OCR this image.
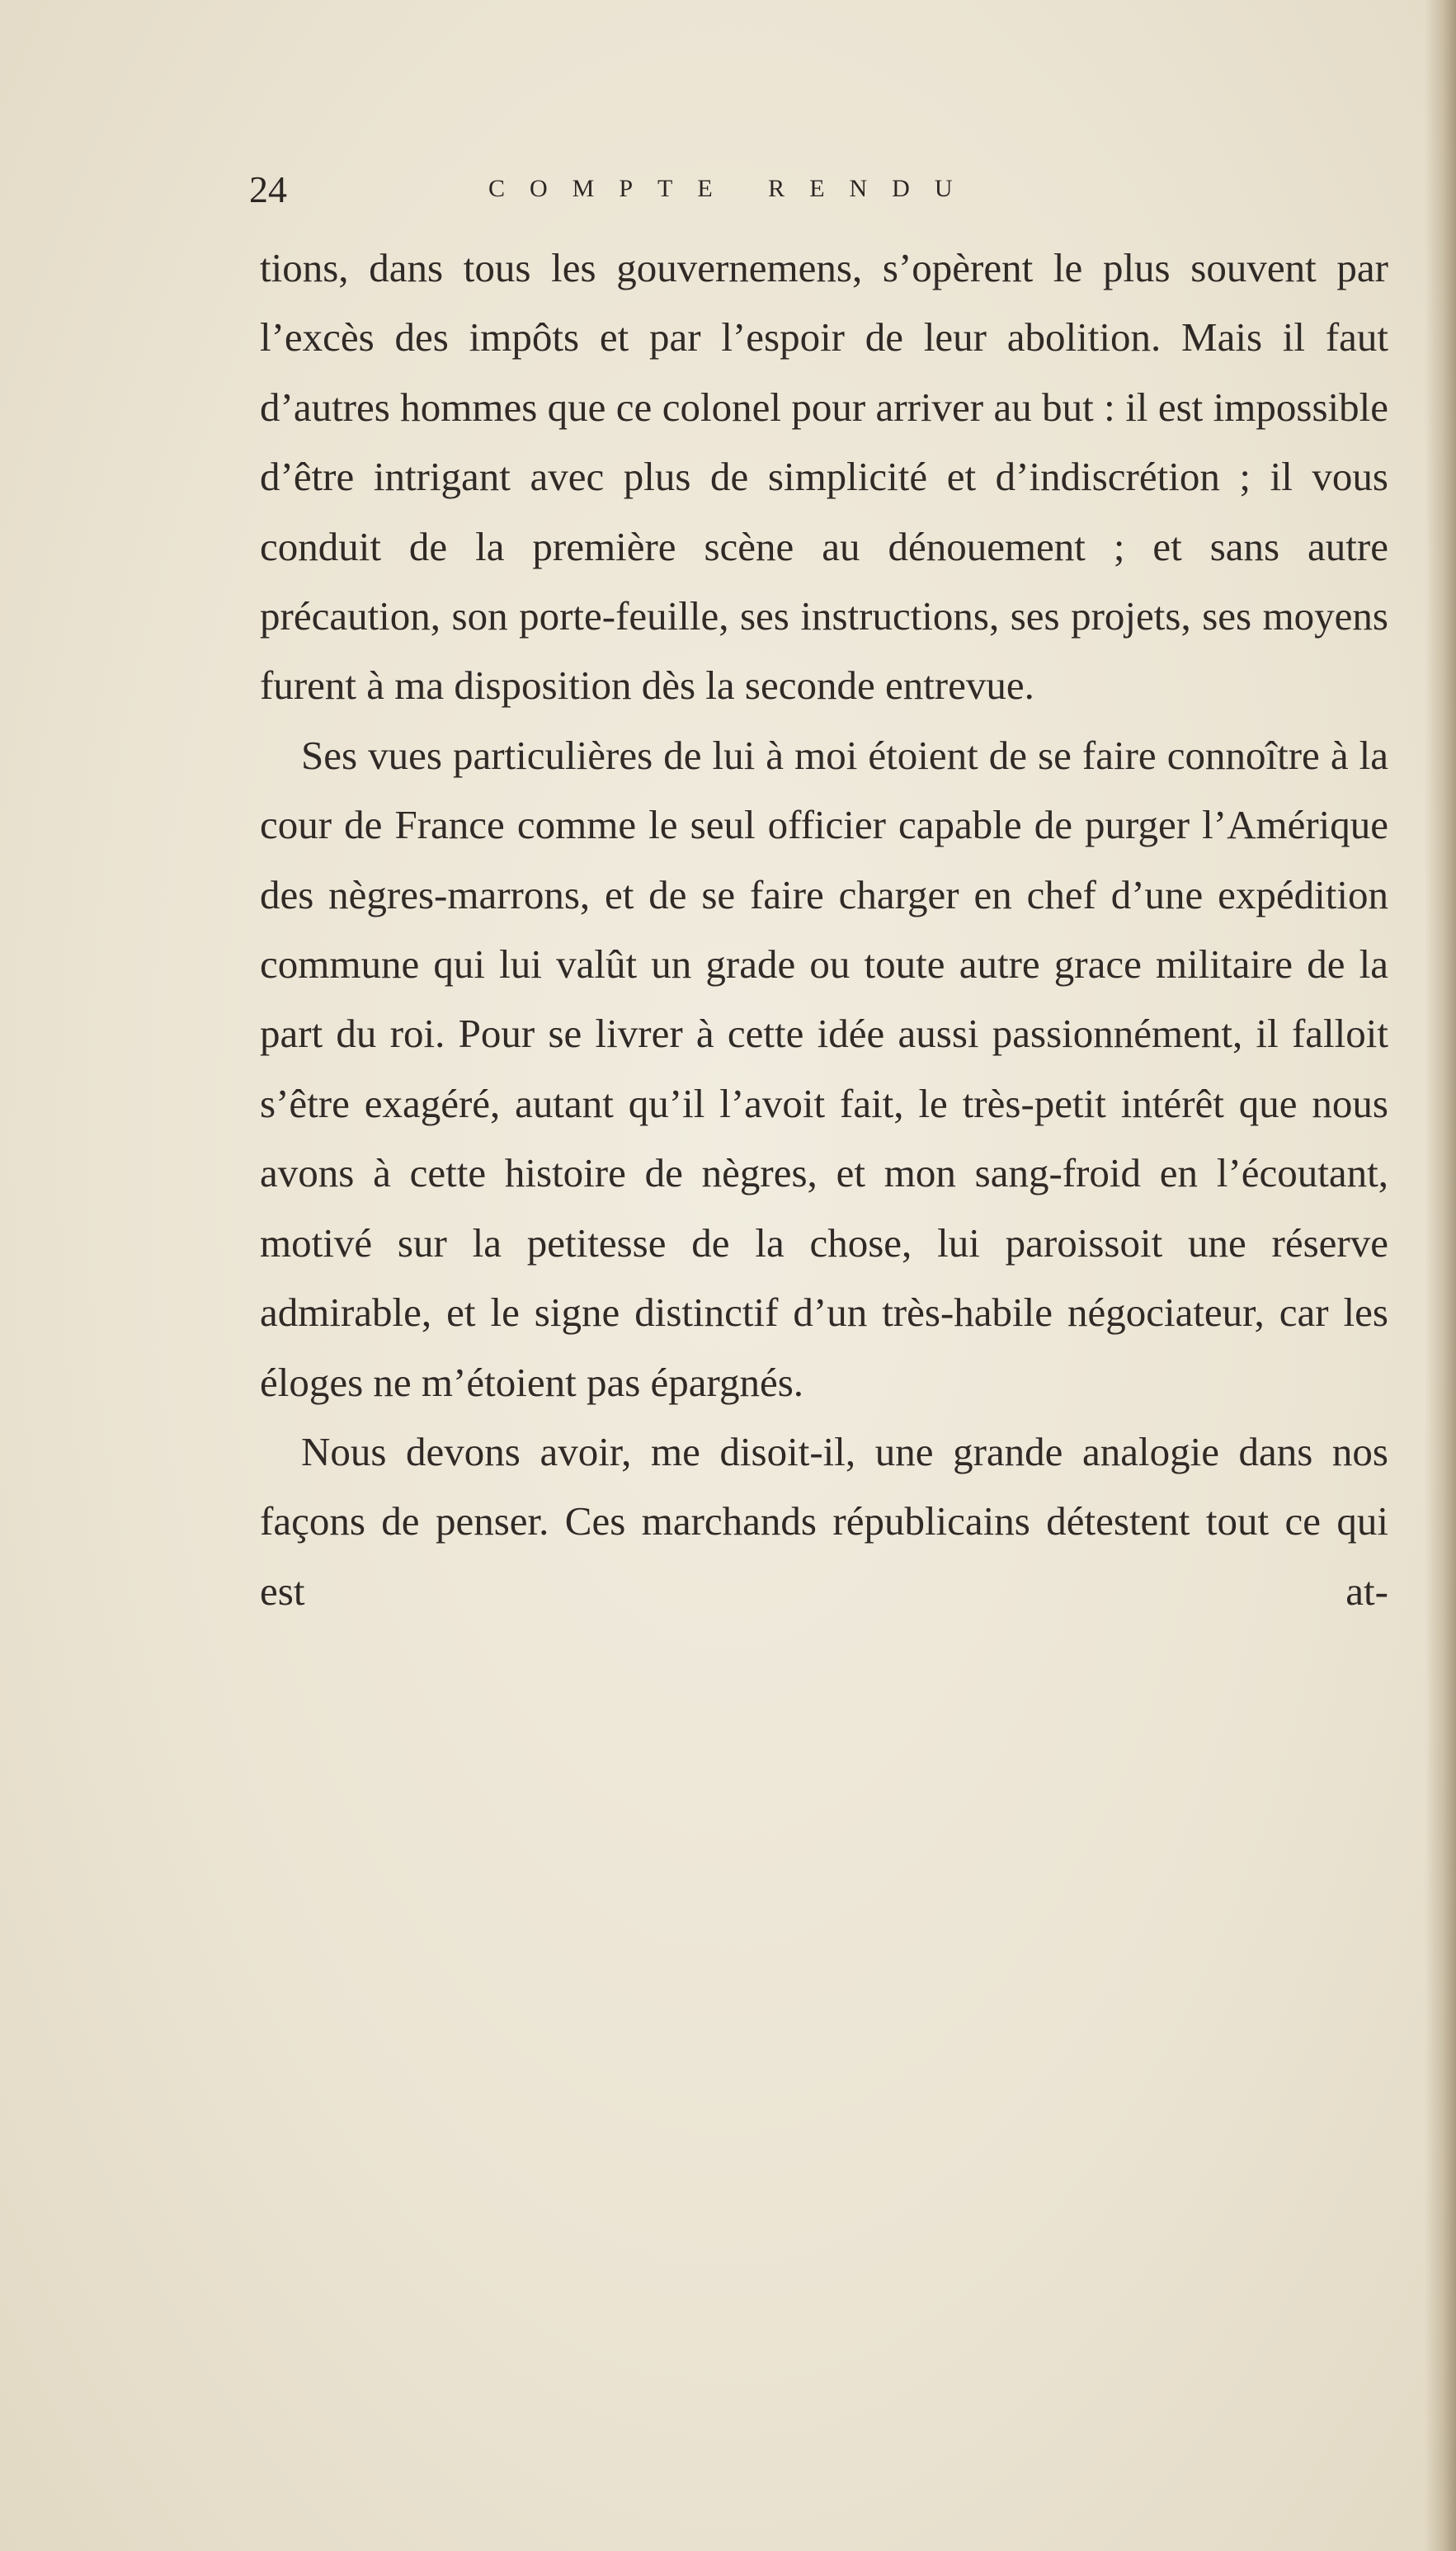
24	COMPTE RENDU

tions, dans tous les gouvernemens, s’opèrent le plus souvent par l’excès des impôts et par l’espoir de leur abolition. Mais il faut d’autres hommes que ce colonel pour arriver au but : il est impossible d’être intrigant avec plus de simplicité et d’indiscrétion ; il vous conduit de la première scène au dénouement ; et sans autre précaution, son porte-feuille, ses instructions, ses projets, ses moyens furent à ma disposition dès la seconde entrevue.

Ses vues particulières de lui à moi étoient de se faire connoître à la cour de France comme le seul officier capable de purger l’Amérique des nègres-marrons, et de se faire charger en chef d’une expédition commune qui lui valût un grade ou toute autre grace militaire de la part du roi. Pour se livrer à cette idée aussi passionnément, il falloit s’être exagéré, autant qu’il l’avoit fait, le très-petit intérêt que nous avons à cette histoire de nègres, et mon sang-froid en l’écoutant, motivé sur la petitesse de la chose, lui paroissoit une réserve admirable, et le signe distinctif d’un très-habile négociateur, car les éloges ne m’étoient pas épargnés.

Nous devons avoir, me disoit-il, une grande analogie dans nos façons de penser. Ces marchands républicains détestent tout ce qui est at-
